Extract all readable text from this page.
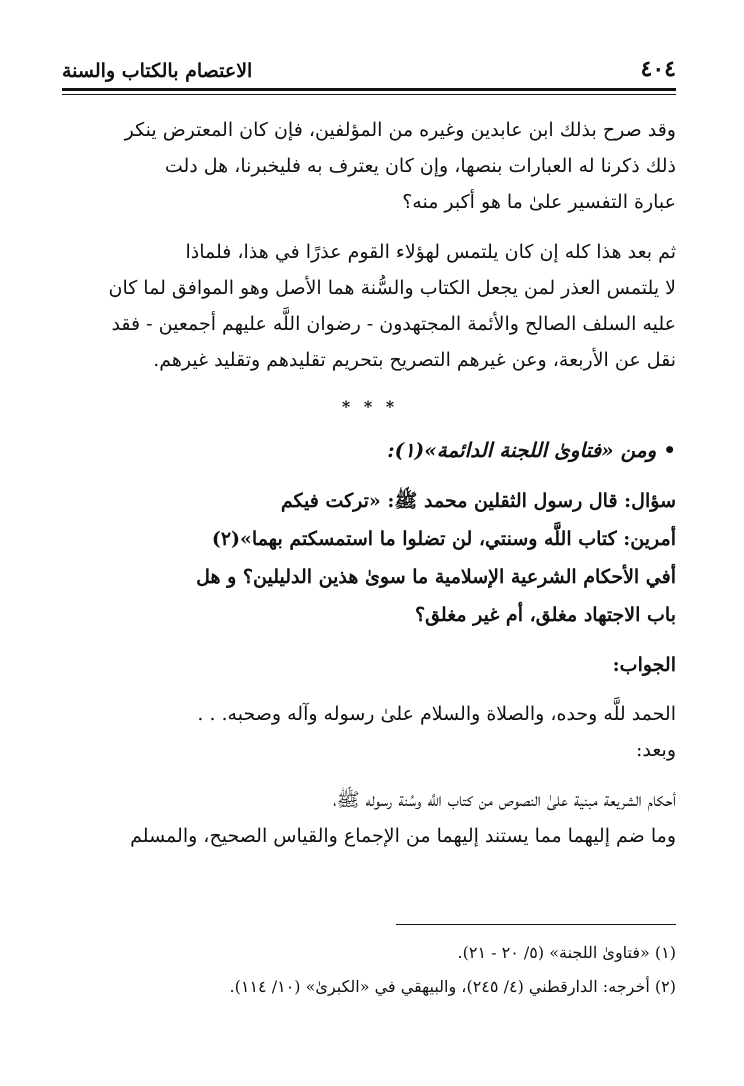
٤٠٤
الاعتصام بالكتاب والسنة

وقد صرح بذلك ابن عابدين وغيره من المؤلفين، فإن كان المعترض ينكر
ذلك ذكرنا له العبارات بنصها، وإن كان يعترف به فليخبرنا، هل دلت
عبارة التفسير علىٰ ما هو أكبر منه؟

ثم بعد هذا كله إن كان يلتمس لهؤلاء القوم عذرًا في هذا، فلماذا
لا يلتمس العذر لمن يجعل الكتاب والسُّنة هما الأصل وهو الموافق لما كان
عليه السلف الصالح والأئمة المجتهدون - رضوان اللَّه عليهم أجمعين - فقد
نقل عن الأربعة، وعن غيرهم التصريح بتحريم تقليدهم وتقليد غيرهم.

* * *
• ومن «فتاوىٰ اللجنة الدائمة»(١):
سؤال: قال رسول الثقلين محمد ﷺ: «تركت فيكم
أمرين: كتاب اللَّه وسنتي، لن تضلوا ما استمسكتم بهما»(٢)
أفي الأحكام الشرعية الإسلامية ما سوىٰ هذين الدليلين؟ و هل
باب الاجتهاد مغلق، أم غير مغلق؟
الجواب:

الحمد للَّه وحده، والصلاة والسلام علىٰ رسوله وآله وصحبه. . .
وبعد:

أحكام الشريعة مبنية علىٰ النصوص من كتاب اللَّه وسُنة رسوله ﷺ،
وما ضم إليهما مما يستند إليهما من الإجماع والقياس الصحيح، والمسلم

(١) «فتاوىٰ اللجنة» (٥/ ٢٠ - ٢١).
(٢) أخرجه: الدارقطني (٤/ ٢٤٥)، والبيهقي في «الكبرىٰ» (١٠/ ١١٤).
